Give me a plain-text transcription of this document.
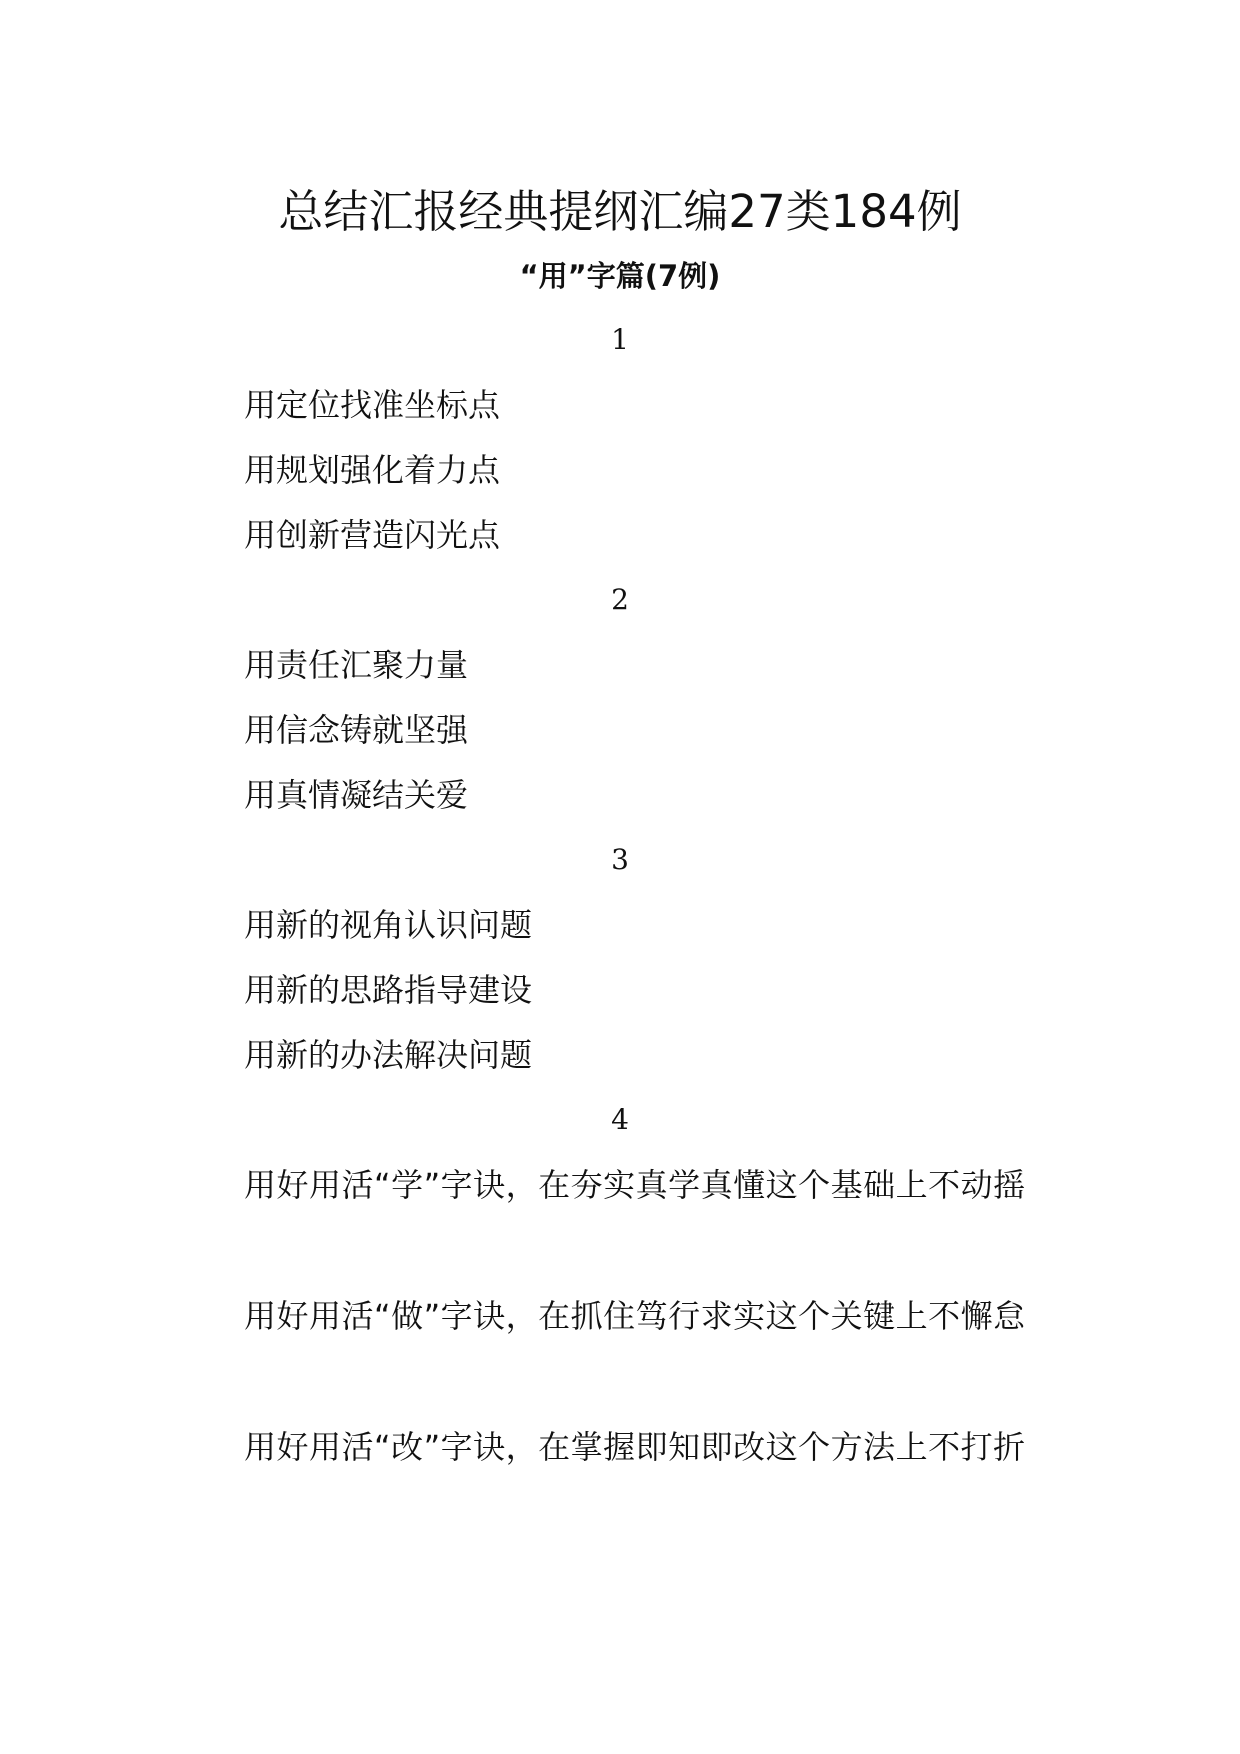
总结汇报经典提纲汇编27类184例
“用”字篇(7例)
1
用定位找准坐标点
用规划强化着力点
用创新营造闪光点
2
用责任汇聚力量
用信念铸就坚强
用真情凝结关爱
3
用新的视角认识问题
用新的思路指导建设
用新的办法解决问题
4
用好用活“学”字诀，在夯实真学真懂这个基础上不动摇
用好用活“做”字诀，在抓住笃行求实这个关键上不懈怠
用好用活“改”字诀，在掌握即知即改这个方法上不打折
